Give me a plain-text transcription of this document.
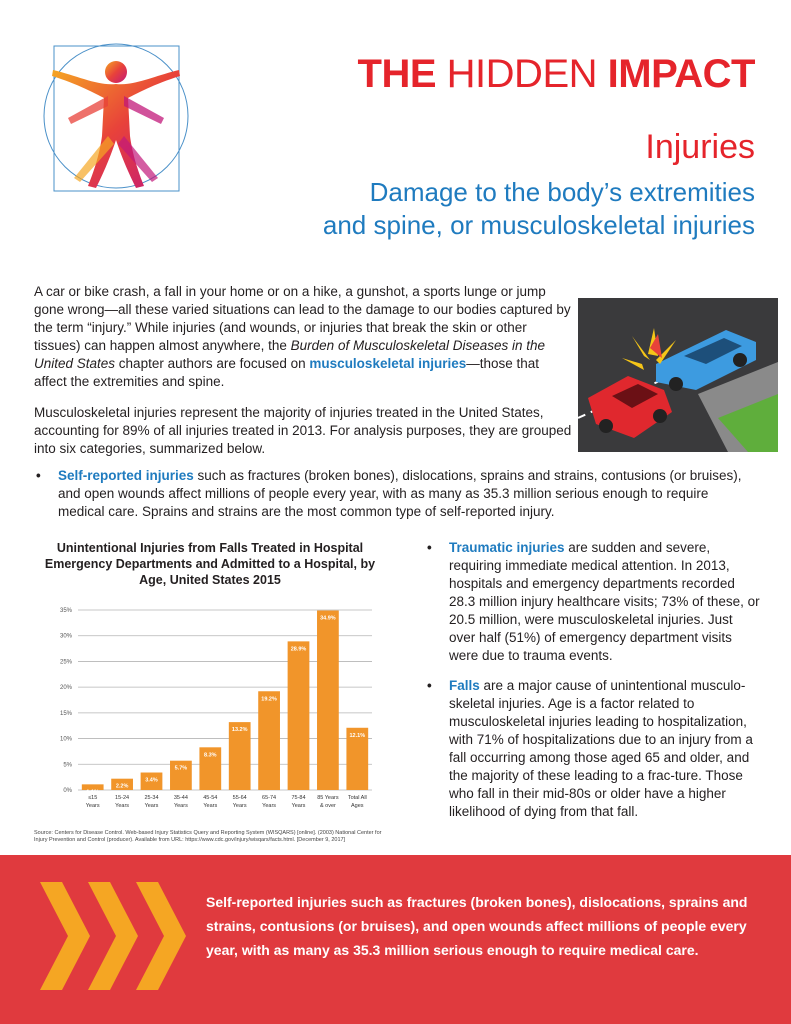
THE HIDDEN IMPACT
Injuries
Damage to the body’s extremities
and spine, or musculoskeletal injuries
A car or bike crash, a fall in your home or on a hike, a gunshot, a sports lunge or jump gone wrong—all these varied situations can lead to the damage to our bodies captured by the term “injury.” While injuries (and wounds, or injuries that break the skin or other tissues) can happen almost anywhere, the Burden of Musculoskeletal Diseases in the United States chapter authors are focused on musculoskeletal injuries—those that affect the extremities and spine.
Musculoskeletal injuries represent the majority of injuries treated in the United States, accounting for 89% of all injuries treated in 2013. For analysis purposes, they are grouped into six categories, summarized below.
• Self-reported injuries such as fractures (broken bones), dislocations, sprains and strains, contusions (or bruises), and open wounds affect millions of people every year, with as many as 35.3 million serious enough to require medical care. Sprains and strains are the most common type of self-reported injury.
Unintentional Injuries from Falls Treated in Hospital Emergency Departments and Admitted to a Hospital, by Age, United States 2015
0%
5%
10%
15%
20%
25%
30%
35%
1.1%
≤15
Years
2.2%
15-24
Years
3.4%
25-34
Years
5.7%
35-44
Years
8.3%
45-54
Years
13.2%
55-64
Years
19.2%
65-74
Years
28.9%
75-84
Years
34.9%
85 Years
& over
12.1%
Total All
Ages
Source: Centers for Disease Control. Web-based Injury Statistics Query and Reporting System (WISQARS) [online]. (2003) National Center for Injury Prevention and Control (producer). Available from URL: https://www.cdc.gov/injury/wisqars/facts.html. [December 9, 2017]
• Traumatic injuries are sudden and severe, requiring immediate medical attention. In 2013, hospitals and emergency departments recorded 28.3 million injury healthcare visits; 73% of these, or 20.5 million, were musculoskeletal injuries. Just over half (51%) of emergency department visits were due to trauma events.
• Falls are a major cause of unintentional musculo-skeletal injuries. Age is a factor related to musculoskeletal injuries leading to hospitalization, with 71% of hospitalizations due to an injury from a fall occurring among those aged 65 and older, and the majority of these leading to a frac-ture. Those who fall in their mid-80s or older have a higher likelihood of dying from that fall.
Self-reported injuries such as fractures (broken bones), dislocations, sprains and strains, contusions (or bruises), and open wounds affect millions of people every year, with as many as 35.3 million serious enough to require medical care.
